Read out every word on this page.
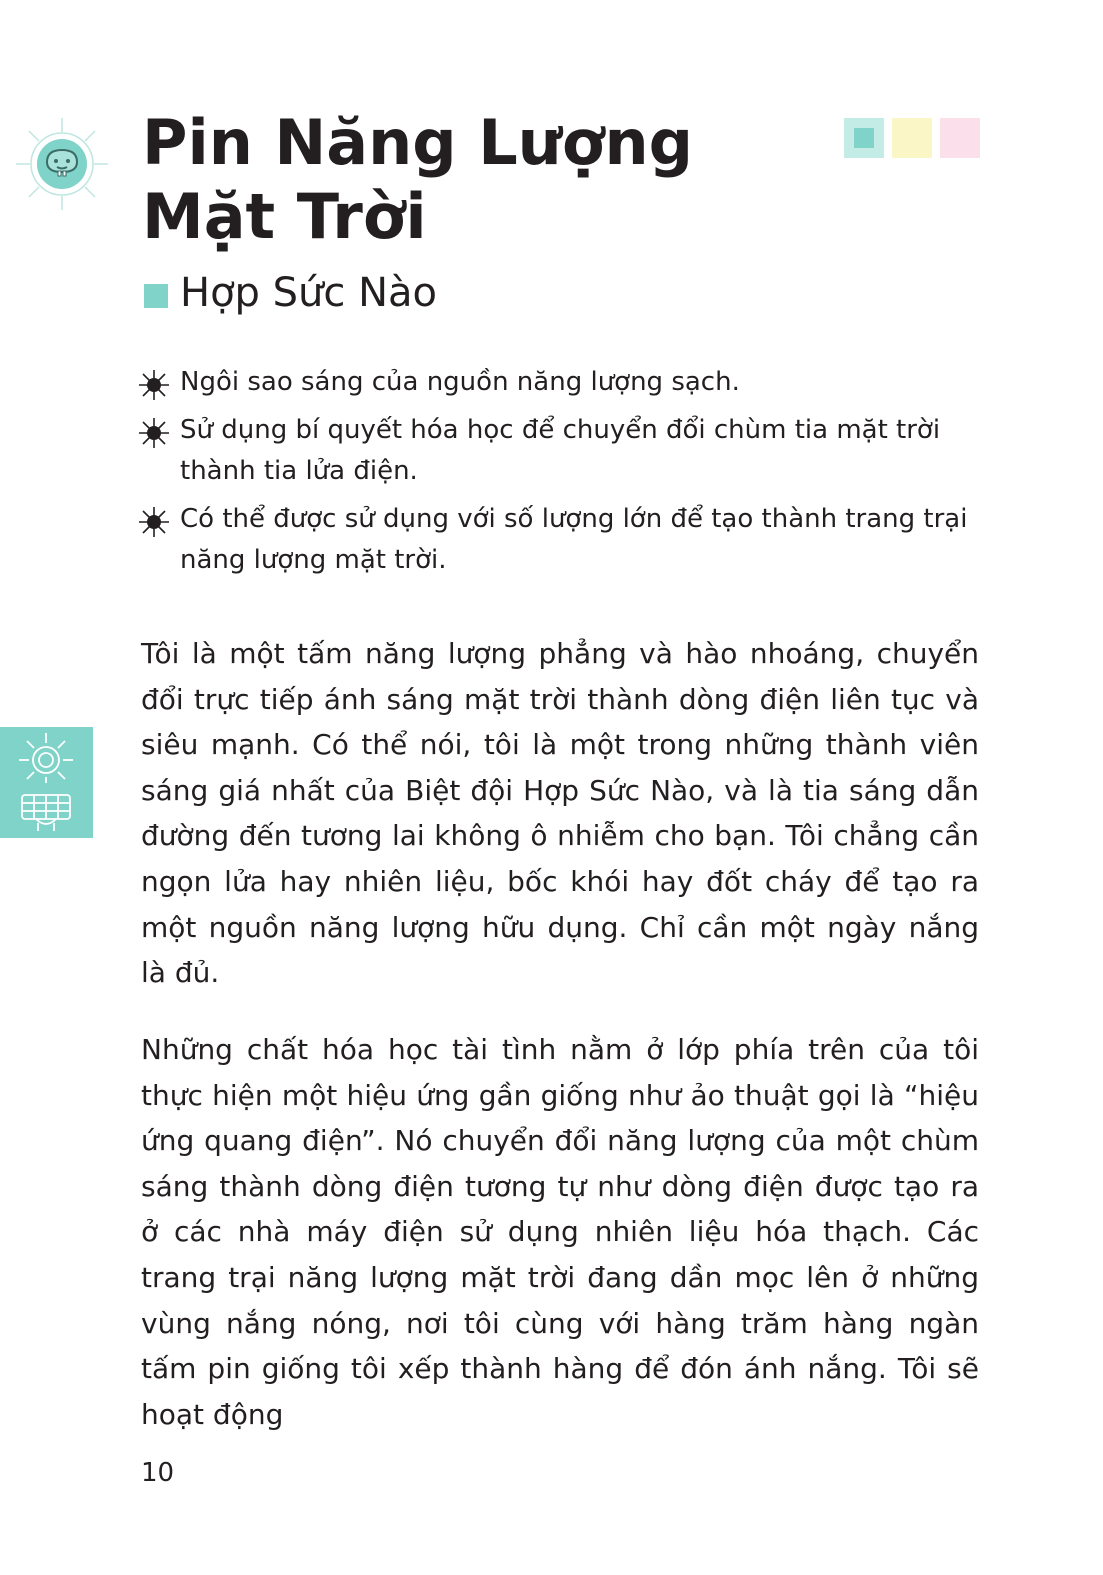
Pin Năng Lượng
Mặt Trời
Hợp Sức Nào
Ngôi sao sáng của nguồn năng lượng sạch.
Sử dụng bí quyết hóa học để chuyển đổi chùm tia mặt trời thành tia lửa điện.
Có thể được sử dụng với số lượng lớn để tạo thành trang trại năng lượng mặt trời.

Tôi là một tấm năng lượng phẳng và hào nhoáng, chuyển đổi trực tiếp ánh sáng mặt trời thành dòng điện liên tục và siêu mạnh. Có thể nói, tôi là một trong những thành viên sáng giá nhất của Biệt đội Hợp Sức Nào, và là tia sáng dẫn đường đến tương lai không ô nhiễm cho bạn. Tôi chẳng cần ngọn lửa hay nhiên liệu, bốc khói hay đốt cháy để tạo ra một nguồn năng lượng hữu dụng. Chỉ cần một ngày nắng là đủ.

Những chất hóa học tài tình nằm ở lớp phía trên của tôi thực hiện một hiệu ứng gần giống như ảo thuật gọi là “hiệu ứng quang điện”. Nó chuyển đổi năng lượng của một chùm sáng thành dòng điện tương tự như dòng điện được tạo ra ở các nhà máy điện sử dụng nhiên liệu hóa thạch. Các trang trại năng lượng mặt trời đang dần mọc lên ở những vùng nắng nóng, nơi tôi cùng với hàng trăm hàng ngàn tấm pin giống tôi xếp thành hàng để đón ánh nắng. Tôi sẽ hoạt động

10
